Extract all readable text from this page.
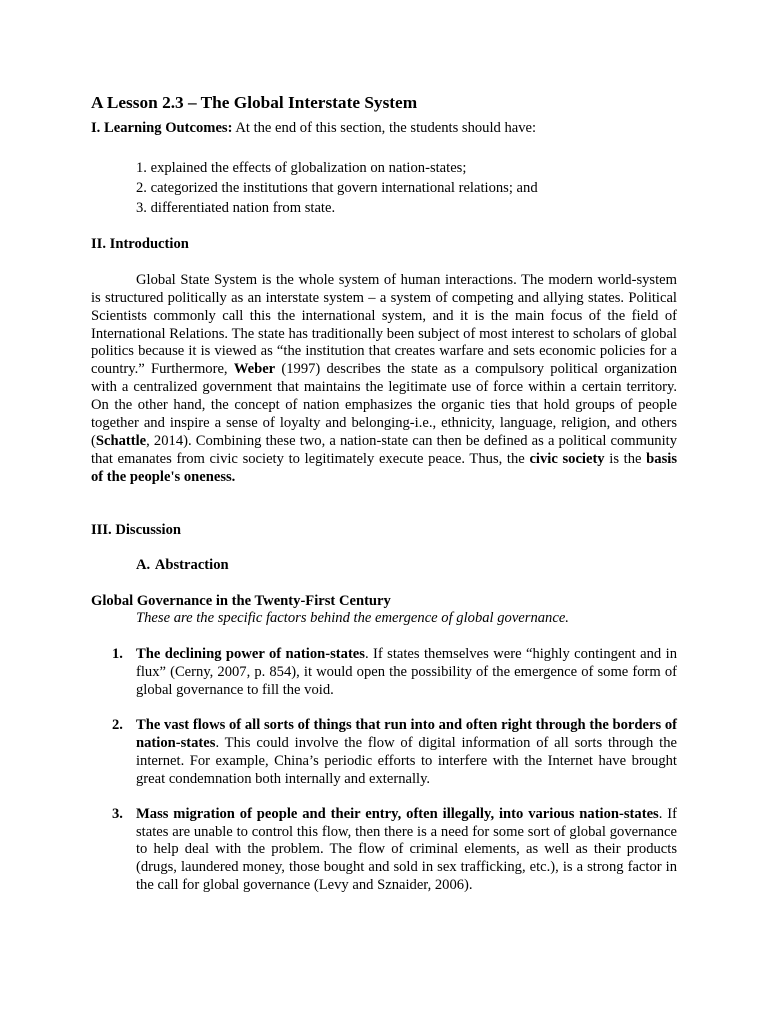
A Lesson 2.3 – The Global Interstate System

I. Learning Outcomes: At the end of this section, the students should have:

1. explained the effects of globalization on nation-states;
2. categorized the institutions that govern international relations; and
3. differentiated nation from state.
II. Introduction

Global State System is the whole system of human interactions. The modern world-system is structured politically as an interstate system – a system of competing and allying states. Political Scientists commonly call this the international system, and it is the main focus of the field of International Relations. The state has traditionally been subject of most interest to scholars of global politics because it is viewed as “the institution that creates warfare and sets economic policies for a country.” Furthermore, Weber (1997) describes the state as a compulsory political organization with a centralized government that maintains the legitimate use of force within a certain territory. On the other hand, the concept of nation emphasizes the organic ties that hold groups of people together and inspire a sense of loyalty and belonging-i.e., ethnicity, language, religion, and others (Schattle, 2014). Combining these two, a nation-state can then be defined as a political community that emanates from civic society to legitimately execute peace. Thus, the civic society is the basis of the people's oneness.

III. Discussion
A. Abstraction
Global Governance in the Twenty-First Century
These are the specific factors behind the emergence of global governance.
1. The declining power of nation-states. If states themselves were “highly contingent and in flux” (Cerny, 2007, p. 854), it would open the possibility of the emergence of some form of global governance to fill the void.
2. The vast flows of all sorts of things that run into and often right through the borders of nation-states. This could involve the flow of digital information of all sorts through the internet. For example, China’s periodic efforts to interfere with the Internet have brought great condemnation both internally and externally.
3. Mass migration of people and their entry, often illegally, into various nation-states. If states are unable to control this flow, then there is a need for some sort of global governance to help deal with the problem. The flow of criminal elements, as well as their products (drugs, laundered money, those bought and sold in sex trafficking, etc.), is a strong factor in the call for global governance (Levy and Sznaider, 2006).
